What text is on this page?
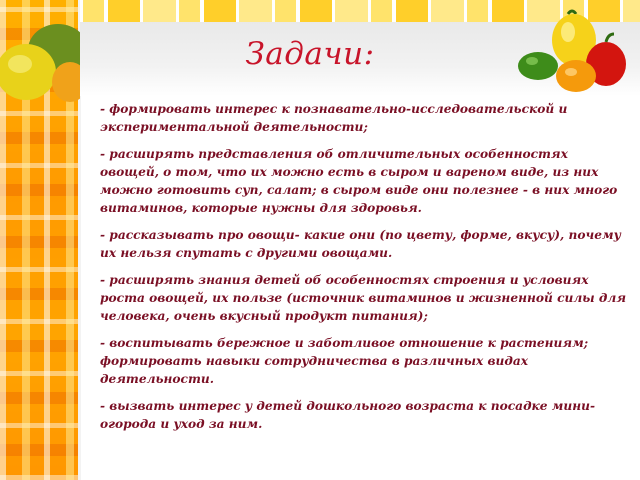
Задачи:
- формировать интерес к познавательно-исследовательской и экспериментальной деятельности;
- расширять представления об отличительных особенностях овощей, о том, что их можно есть в сыром и вареном виде, из них можно готовить суп, салат; в сыром виде они полезнее - в них много витаминов, которые нужны для здоровья.
- рассказывать про овощи- какие они (по цвету, форме, вкусу), почему их нельзя спутать с другими овощами.
- расширять знания детей об особенностях строения и условиях роста овощей, их пользе (источник витаминов и жизненной силы для человека, очень вкусный продукт питания);
- воспитывать бережное и заботливое отношение к растениям; формировать навыки сотрудничества в различных видах деятельности.
- вызвать интерес у детей дошкольного возраста к посадке мини-огорода и уход за ним.
